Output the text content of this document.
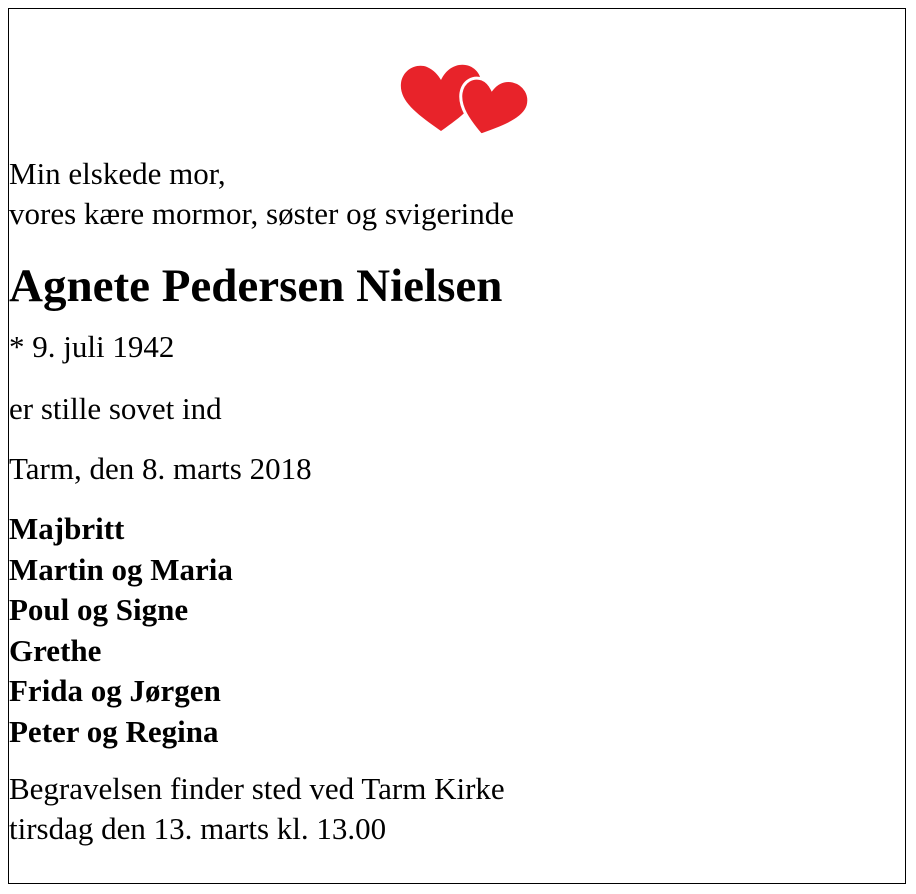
Min elskede mor,
vores kære mormor, søster og svigerinde
Agnete Pedersen Nielsen
* 9. juli 1942
er stille sovet ind
Tarm, den 8. marts 2018
Majbritt
Martin og Maria
Poul og Signe
Grethe
Frida og Jørgen
Peter og Regina
Begravelsen finder sted ved Tarm Kirke
tirsdag den 13. marts kl. 13.00
